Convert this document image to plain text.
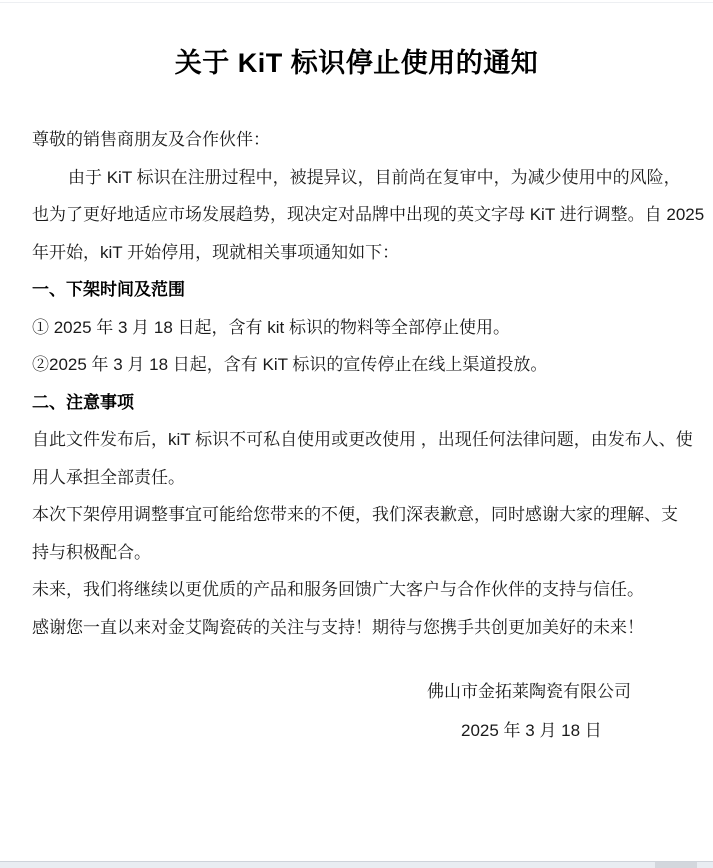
关于 KiT 标识停止使用的通知
尊敬的销售商朋友及合作伙伴：
由于 KiT 标识在注册过程中，被提异议，目前尚在复审中，为减少使用中的风险，
也为了更好地适应市场发展趋势，现决定对品牌中出现的英文字母 KiT 进行调整。自 2025
年开始，kiT 开始停用，现就相关事项通知如下：
一、下架时间及范围
① 2025 年 3 月 18 日起，含有 kit 标识的物料等全部停止使用。
②2025 年 3 月 18 日起，含有 KiT 标识的宣传停止在线上渠道投放。
二、注意事项
自此文件发布后，kiT 标识不可私自使用或更改使用 ，出现任何法律问题，由发布人、使
用人承担全部责任。
本次下架停用调整事宜可能给您带来的不便，我们深表歉意，同时感谢大家的理解、支
持与积极配合。
未来，我们将继续以更优质的产品和服务回馈广大客户与合作伙伴的支持与信任。
感谢您一直以来对金艾陶瓷砖的关注与支持！期待与您携手共创更加美好的未来！
佛山市金拓莱陶瓷有限公司
2025 年 3 月 18 日
